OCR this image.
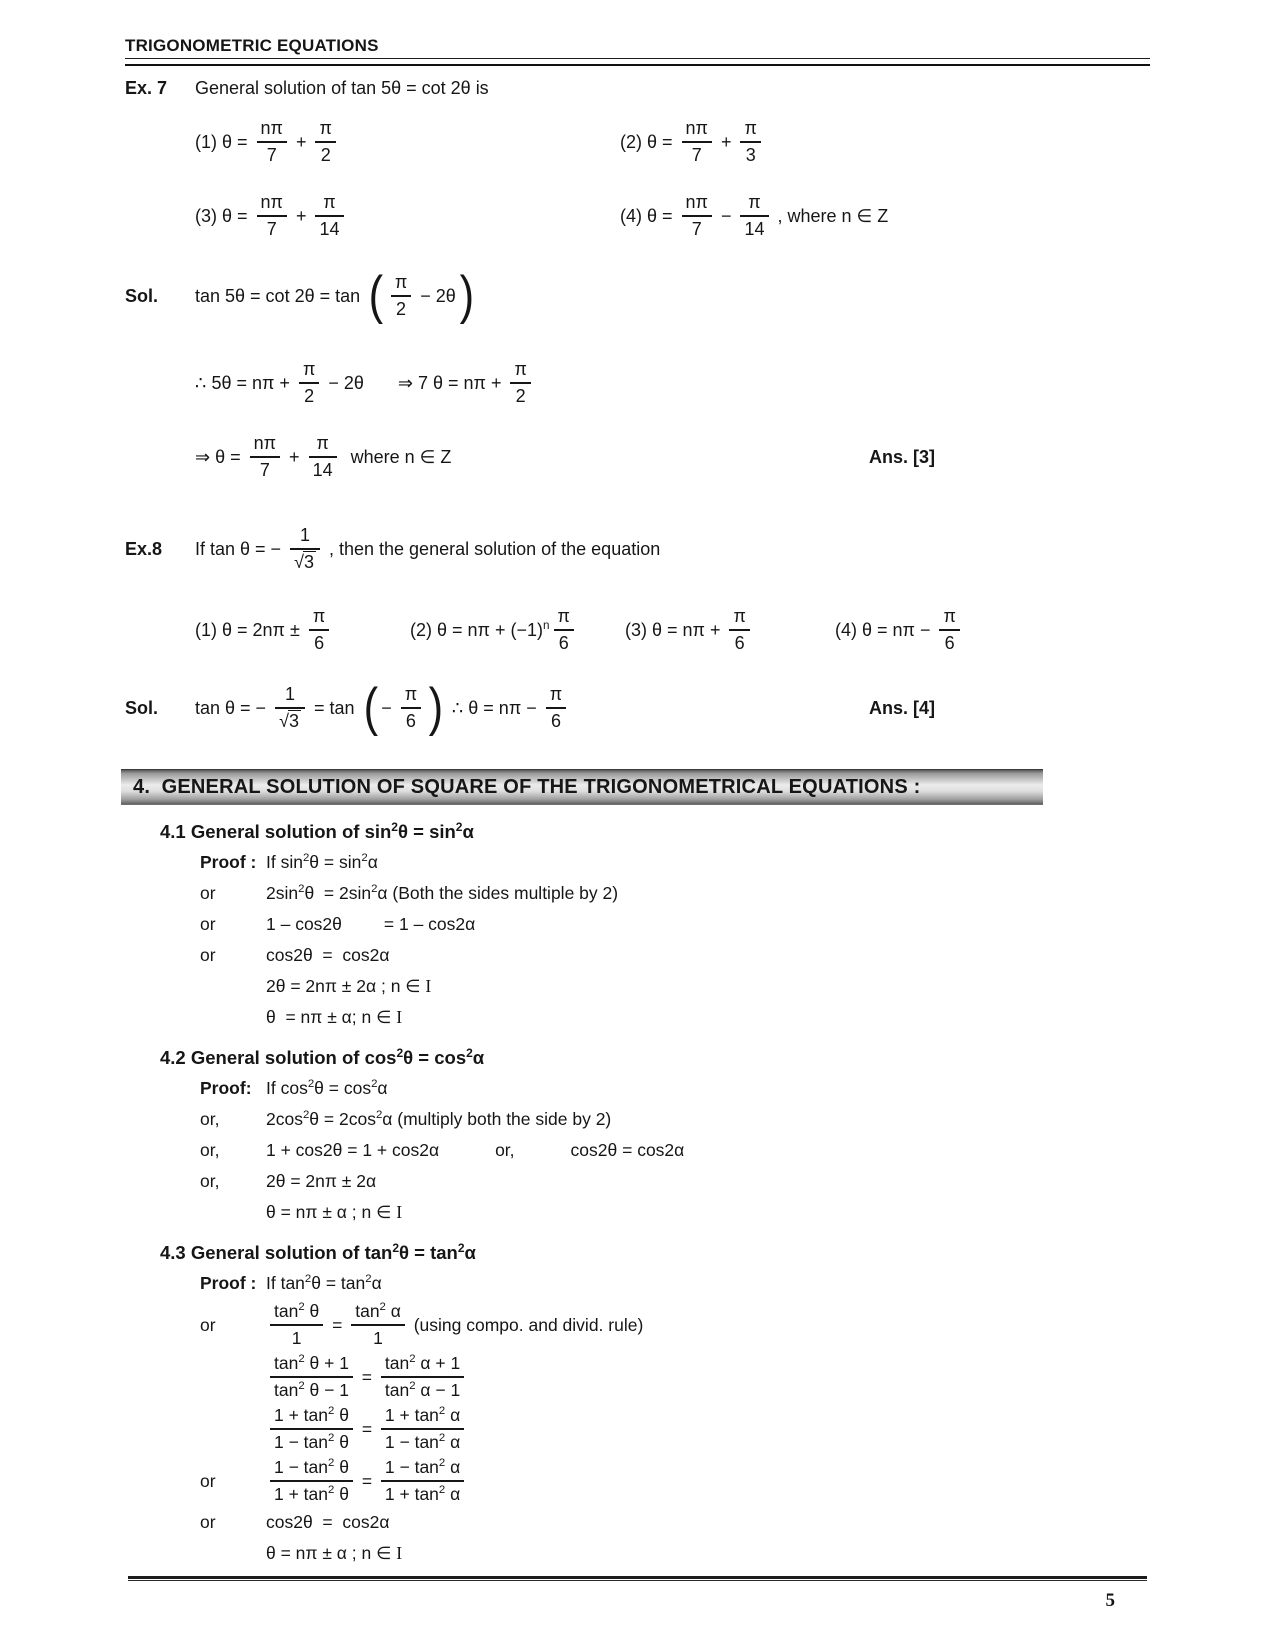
TRIGONOMETRIC EQUATIONS
Ex. 7	General solution of tan 5θ = cot 2θ is
(1) $\theta = \frac{n\pi}{7} + \frac{\pi}{2}$	(2) $\theta = \frac{n\pi}{7} + \frac{\pi}{3}$
(3) $\theta = \frac{n\pi}{7} + \frac{\pi}{14}$	(4) $\theta = \frac{n\pi}{7} - \frac{\pi}{14}$ , where n ∈ Z
Sol.	tan 5θ = cot 2θ = tan ( $\frac{\pi}{2} - 2\theta$ )
∴ $5\theta = n\pi + \frac{\pi}{2} - 2\theta$ ⇒ 7 $\theta = n\pi + \frac{\pi}{2}$
⇒ $\theta = \frac{n\pi}{7} + \frac{\pi}{14}$ where n ∈ Z	Ans. [3]
Ex.8	If tan θ = − $\frac{1}{√3}$ , then the general solution of the equation
(1) $\theta = 2n\pi \pm \frac{\pi}{6}$	(2) $\theta = n\pi + (-1)^n \frac{\pi}{6}$	(3) $\theta = n\pi + \frac{\pi}{6}$	(4) $\theta = n\pi - \frac{\pi}{6}$
Sol.	tan θ = − $\frac{1}{√3} = \tan$ ( − $\frac{\pi}{6}$ ) ∴ $\theta = n\pi - \frac{\pi}{6}$	Ans. [4]
4.  GENERAL SOLUTION OF SQUARE OF THE TRIGONOMETRICAL EQUATIONS :
4.1 General solution of $\sin^2\theta = \sin^2\alpha$
Proof : If $\sin^2\theta = \sin^2\alpha$
or	$2\sin^2\theta = 2\sin^2\alpha$ (Both the sides multiple by 2)
or	1 – cos2θ = 1 – cos2α
or	cos2θ  =  cos2α
2θ = 2nπ ± 2α ; n ∈ I
θ  = nπ ± α; n ∈ I
4.2 General solution of $\cos^2\theta = \cos^2\alpha$
Proof: If $\cos^2\theta = \cos^2\alpha$
or,	$2\cos^2\theta = 2\cos^2\alpha$ (multiply both the side by 2)
or,	1 + cos2θ = 1 + cos2α	or,	cos2θ = cos2α
or,	2θ = 2nπ ± 2α
θ = nπ ± α ; n ∈ I
4.3 General solution of $\tan^2\theta = \tan^2\alpha$
Proof : If $\tan^2\theta = \tan^2\alpha$
or	$\frac{\tan^2 \theta}{1} = \frac{\tan^2 \alpha}{1} (using$ compo. and divid. rule)
$\frac{\tan^2 \theta + 1}{\tan^2 \theta - 1} = \frac{\tan^2 \alpha + 1}{\tan^2 \alpha - 1}$
$\frac{1 + \tan^2 \theta}{1 - \tan^2 \theta} = \frac{1 + \tan^2 \alpha}{1 - \tan^2 \alpha}$
or	$\frac{1 - \tan^2 \theta}{1 + \tan^2 \theta} = \frac{1 - \tan^2 \alpha}{1 + \tan^2 \alpha}$
or	cos2θ  =  cos2α
θ = nπ ± α ; n ∈ I
5
